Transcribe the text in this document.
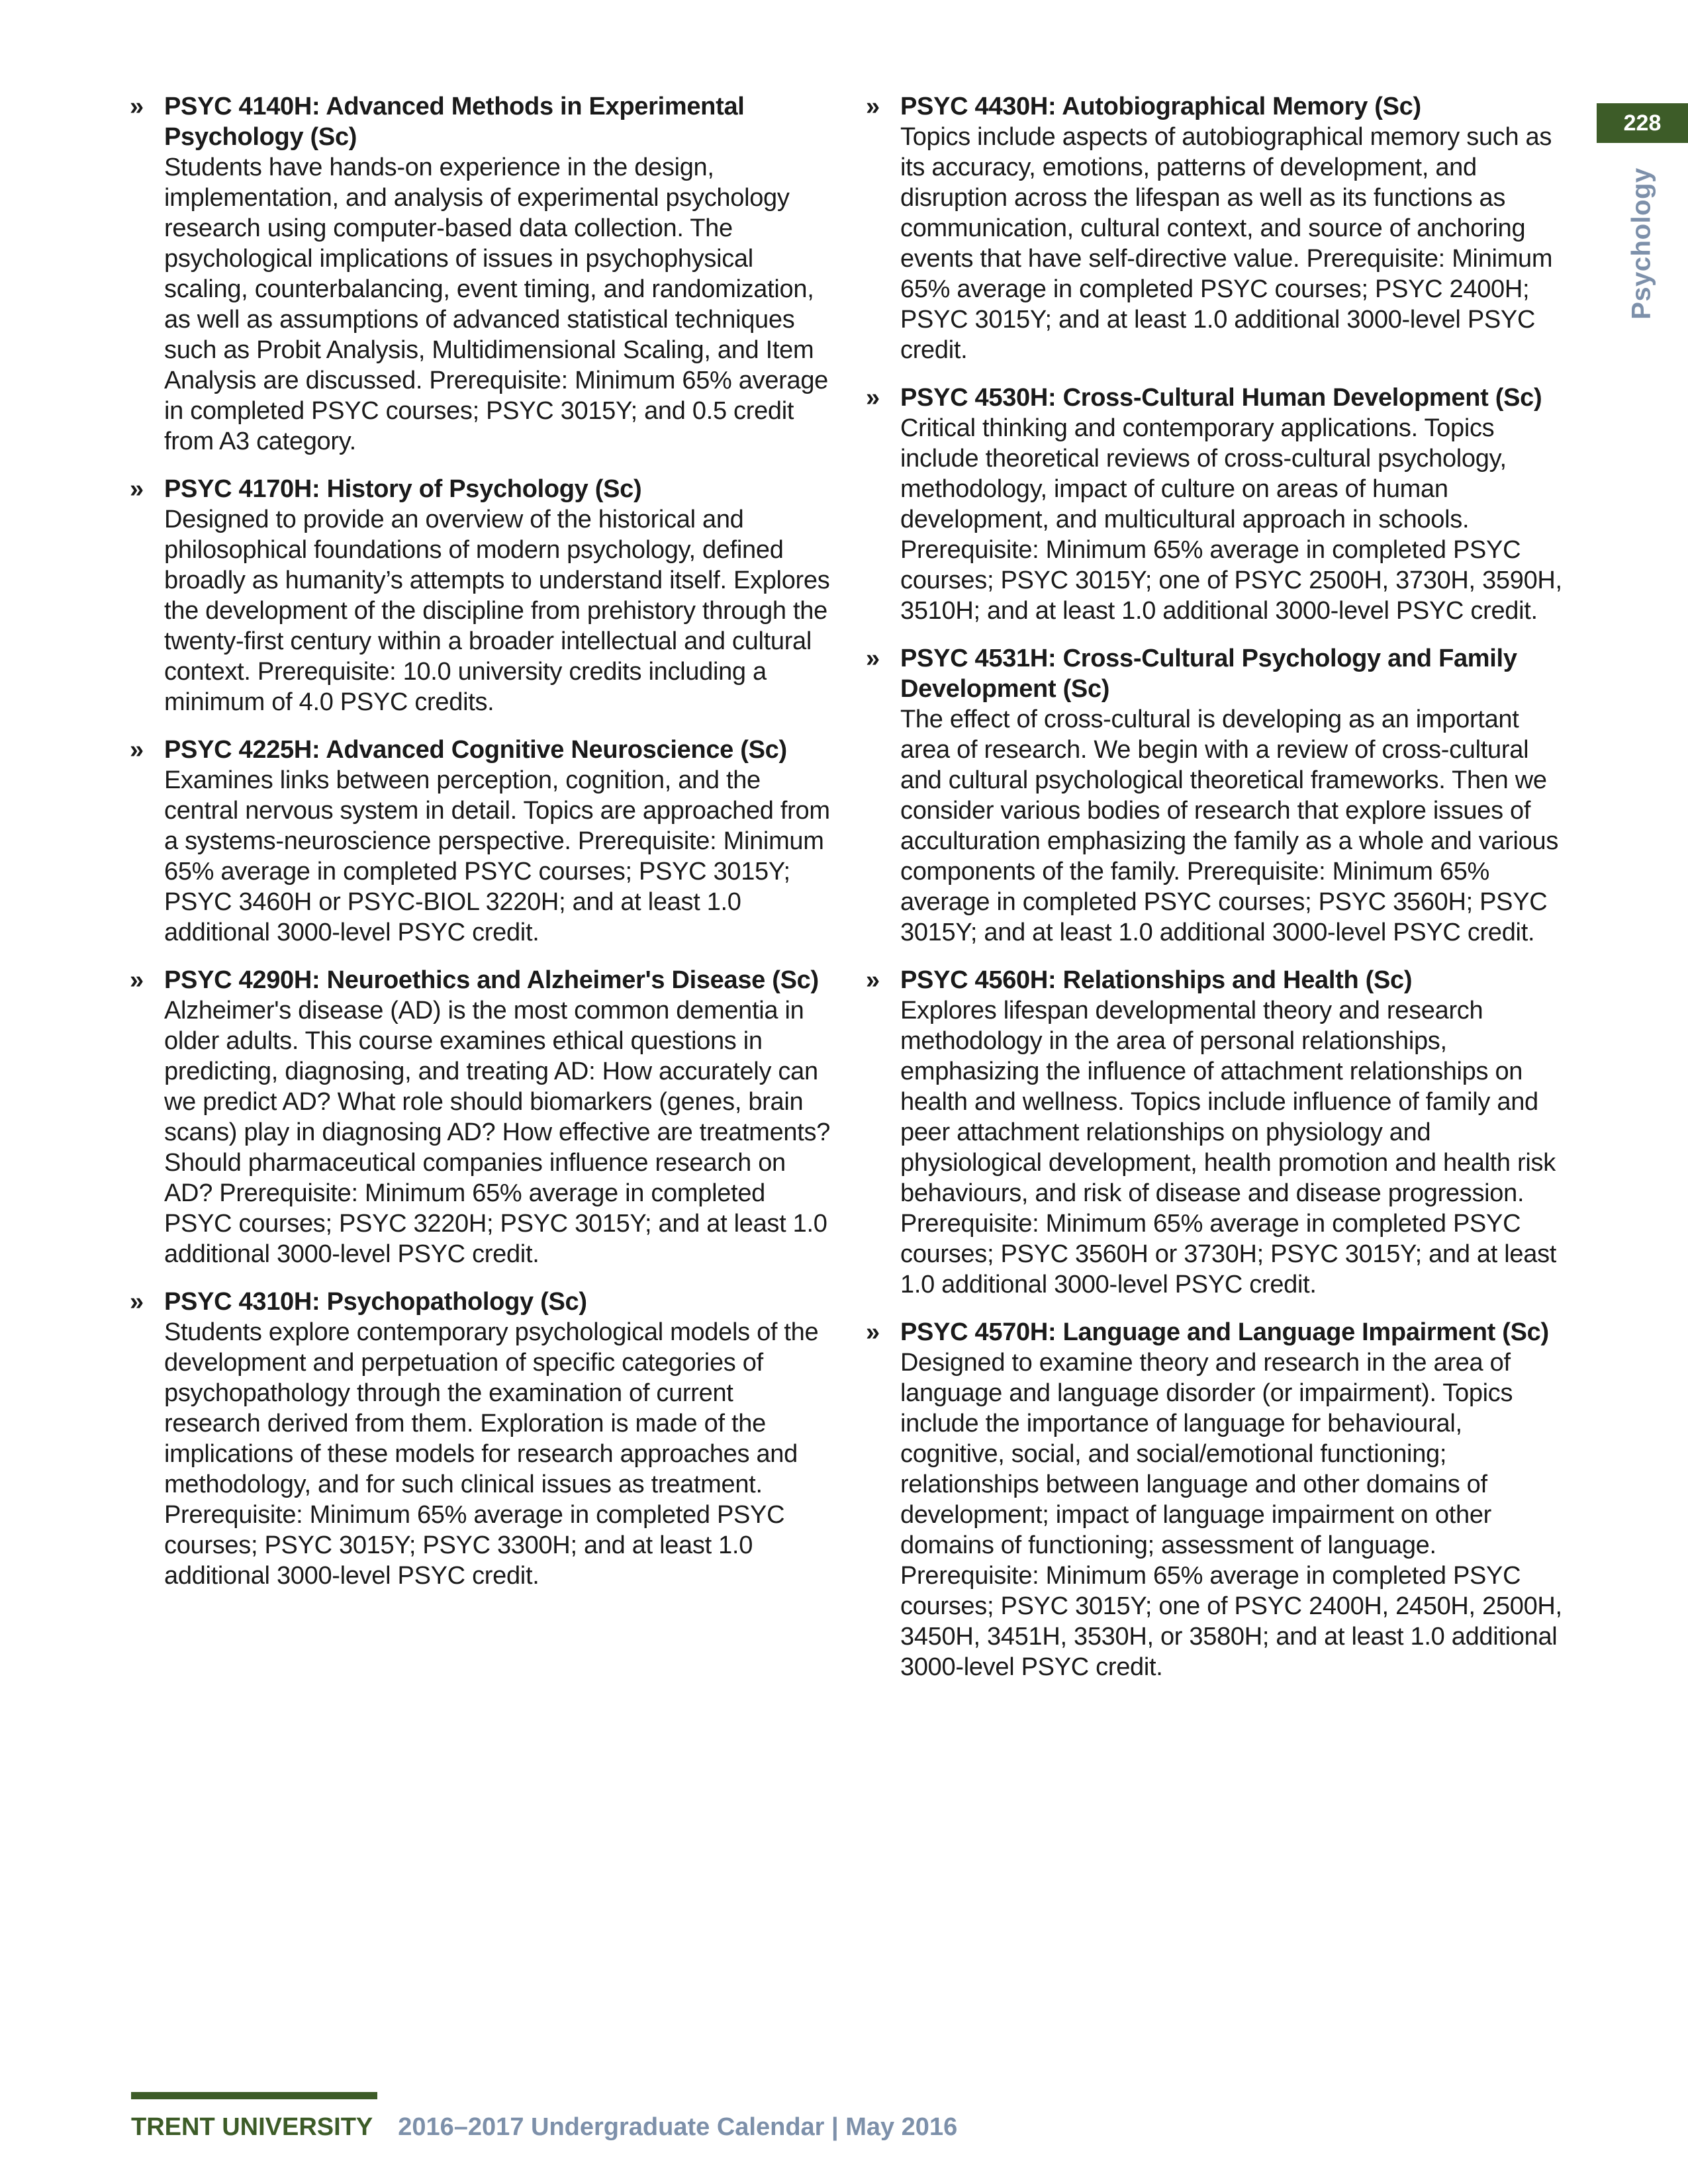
» PSYC 4140H: Advanced Methods in Experimental Psychology (Sc)
Students have hands-on experience in the design, implementation, and analysis of experimental psychology research using computer-based data collection. The psychological implications of issues in psychophysical scaling, counterbalancing, event timing, and randomization, as well as assumptions of advanced statistical techniques such as Probit Analysis, Multidimensional Scaling, and Item Analysis are discussed. Prerequisite: Minimum 65% average in completed PSYC courses; PSYC 3015Y; and 0.5 credit from A3 category.
» PSYC 4170H: History of Psychology (Sc)
Designed to provide an overview of the historical and philosophical foundations of modern psychology, defined broadly as humanity’s attempts to understand itself. Explores the development of the discipline from prehistory through the twenty-first century within a broader intellectual and cultural context. Prerequisite: 10.0 university credits including a minimum of 4.0 PSYC credits.
» PSYC 4225H: Advanced Cognitive Neuroscience (Sc)
Examines links between perception, cognition, and the central nervous system in detail. Topics are approached from a systems-neuroscience perspective. Prerequisite: Minimum 65% average in completed PSYC courses; PSYC 3015Y; PSYC 3460H or PSYC-BIOL 3220H; and at least 1.0 additional 3000-level PSYC credit.
» PSYC 4290H: Neuroethics and Alzheimer's Disease (Sc)
Alzheimer's disease (AD) is the most common dementia in older adults. This course examines ethical questions in predicting, diagnosing, and treating AD: How accurately can we predict AD? What role should biomarkers (genes, brain scans) play in diagnosing AD? How effective are treatments? Should pharmaceutical companies influence research on AD? Prerequisite: Minimum 65% average in completed PSYC courses; PSYC 3220H; PSYC 3015Y; and at least 1.0 additional 3000-level PSYC credit.
» PSYC 4310H: Psychopathology (Sc)
Students explore contemporary psychological models of the development and perpetuation of specific categories of psychopathology through the examination of current research derived from them. Exploration is made of the implications of these models for research approaches and methodology, and for such clinical issues as treatment. Prerequisite: Minimum 65% average in completed PSYC courses; PSYC 3015Y; PSYC 3300H; and at least 1.0 additional 3000-level PSYC credit.
» PSYC 4430H: Autobiographical Memory (Sc)
Topics include aspects of autobiographical memory such as its accuracy, emotions, patterns of development, and disruption across the lifespan as well as its functions as communication, cultural context, and source of anchoring events that have self-directive value. Prerequisite: Minimum 65% average in completed PSYC courses; PSYC 2400H; PSYC 3015Y; and at least 1.0 additional 3000-level PSYC credit.
» PSYC 4530H: Cross-Cultural Human Development (Sc)
Critical thinking and contemporary applications. Topics include theoretical reviews of cross-cultural psychology, methodology, impact of culture on areas of human development, and multicultural approach in schools. Prerequisite: Minimum 65% average in completed PSYC courses; PSYC 3015Y; one of PSYC 2500H, 3730H, 3590H, 3510H; and at least 1.0 additional 3000-level PSYC credit.
» PSYC 4531H: Cross-Cultural Psychology and Family Development (Sc)
The effect of cross-cultural is developing as an important area of research. We begin with a review of cross-cultural and cultural psychological theoretical frameworks. Then we consider various bodies of research that explore issues of acculturation emphasizing the family as a whole and various components of the family. Prerequisite: Minimum 65% average in completed PSYC courses; PSYC 3560H; PSYC 3015Y; and at least 1.0 additional 3000-level PSYC credit.
» PSYC 4560H: Relationships and Health (Sc)
Explores lifespan developmental theory and research methodology in the area of personal relationships, emphasizing the influence of attachment relationships on health and wellness. Topics include influence of family and peer attachment relationships on physiology and physiological development, health promotion and health risk behaviours, and risk of disease and disease progression. Prerequisite: Minimum 65% average in completed PSYC courses; PSYC 3560H or 3730H; PSYC 3015Y; and at least 1.0 additional 3000-level PSYC credit.
» PSYC 4570H: Language and Language Impairment (Sc)
Designed to examine theory and research in the area of language and language disorder (or impairment). Topics include the importance of language for behavioural, cognitive, social, and social/emotional functioning; relationships between language and other domains of development; impact of language impairment on other domains of functioning; assessment of language. Prerequisite: Minimum 65% average in completed PSYC courses; PSYC 3015Y; one of PSYC 2400H, 2450H, 2500H, 3450H, 3451H, 3530H, or 3580H; and at least 1.0 additional 3000-level PSYC credit.
228
Psychology
TRENT UNIVERSITY 2016–2017 Undergraduate Calendar | May 2016
